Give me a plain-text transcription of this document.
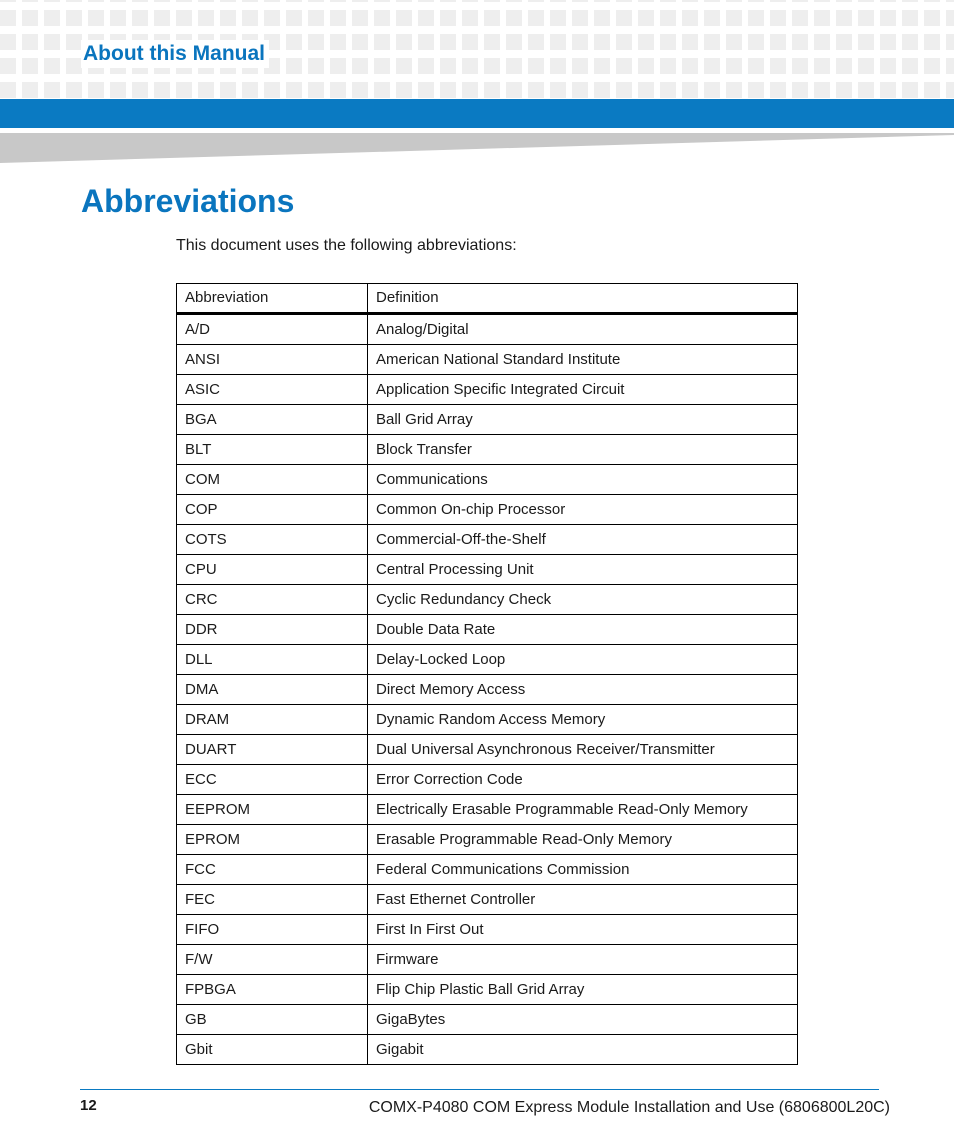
About this Manual
Abbreviations
This document uses the following abbreviations:
Abbreviation	Definition
A/D	Analog/Digital
ANSI	American National Standard Institute
ASIC	Application Specific Integrated Circuit
BGA	Ball Grid Array
BLT	Block Transfer
COM	Communications
COP	Common On-chip Processor
COTS	Commercial-Off-the-Shelf
CPU	Central Processing Unit
CRC	Cyclic Redundancy Check
DDR	Double Data Rate
DLL	Delay-Locked Loop
DMA	Direct Memory Access
DRAM	Dynamic Random Access Memory
DUART	Dual Universal Asynchronous Receiver/Transmitter
ECC	Error Correction Code
EEPROM	Electrically Erasable Programmable Read-Only Memory
EPROM	Erasable Programmable Read-Only Memory
FCC	Federal Communications Commission
FEC	Fast Ethernet Controller
FIFO	First In First Out
F/W	Firmware
FPBGA	Flip Chip Plastic Ball Grid Array
GB	GigaBytes
Gbit	Gigabit
12	COMX-P4080 COM Express Module Installation and Use (6806800L20C)
